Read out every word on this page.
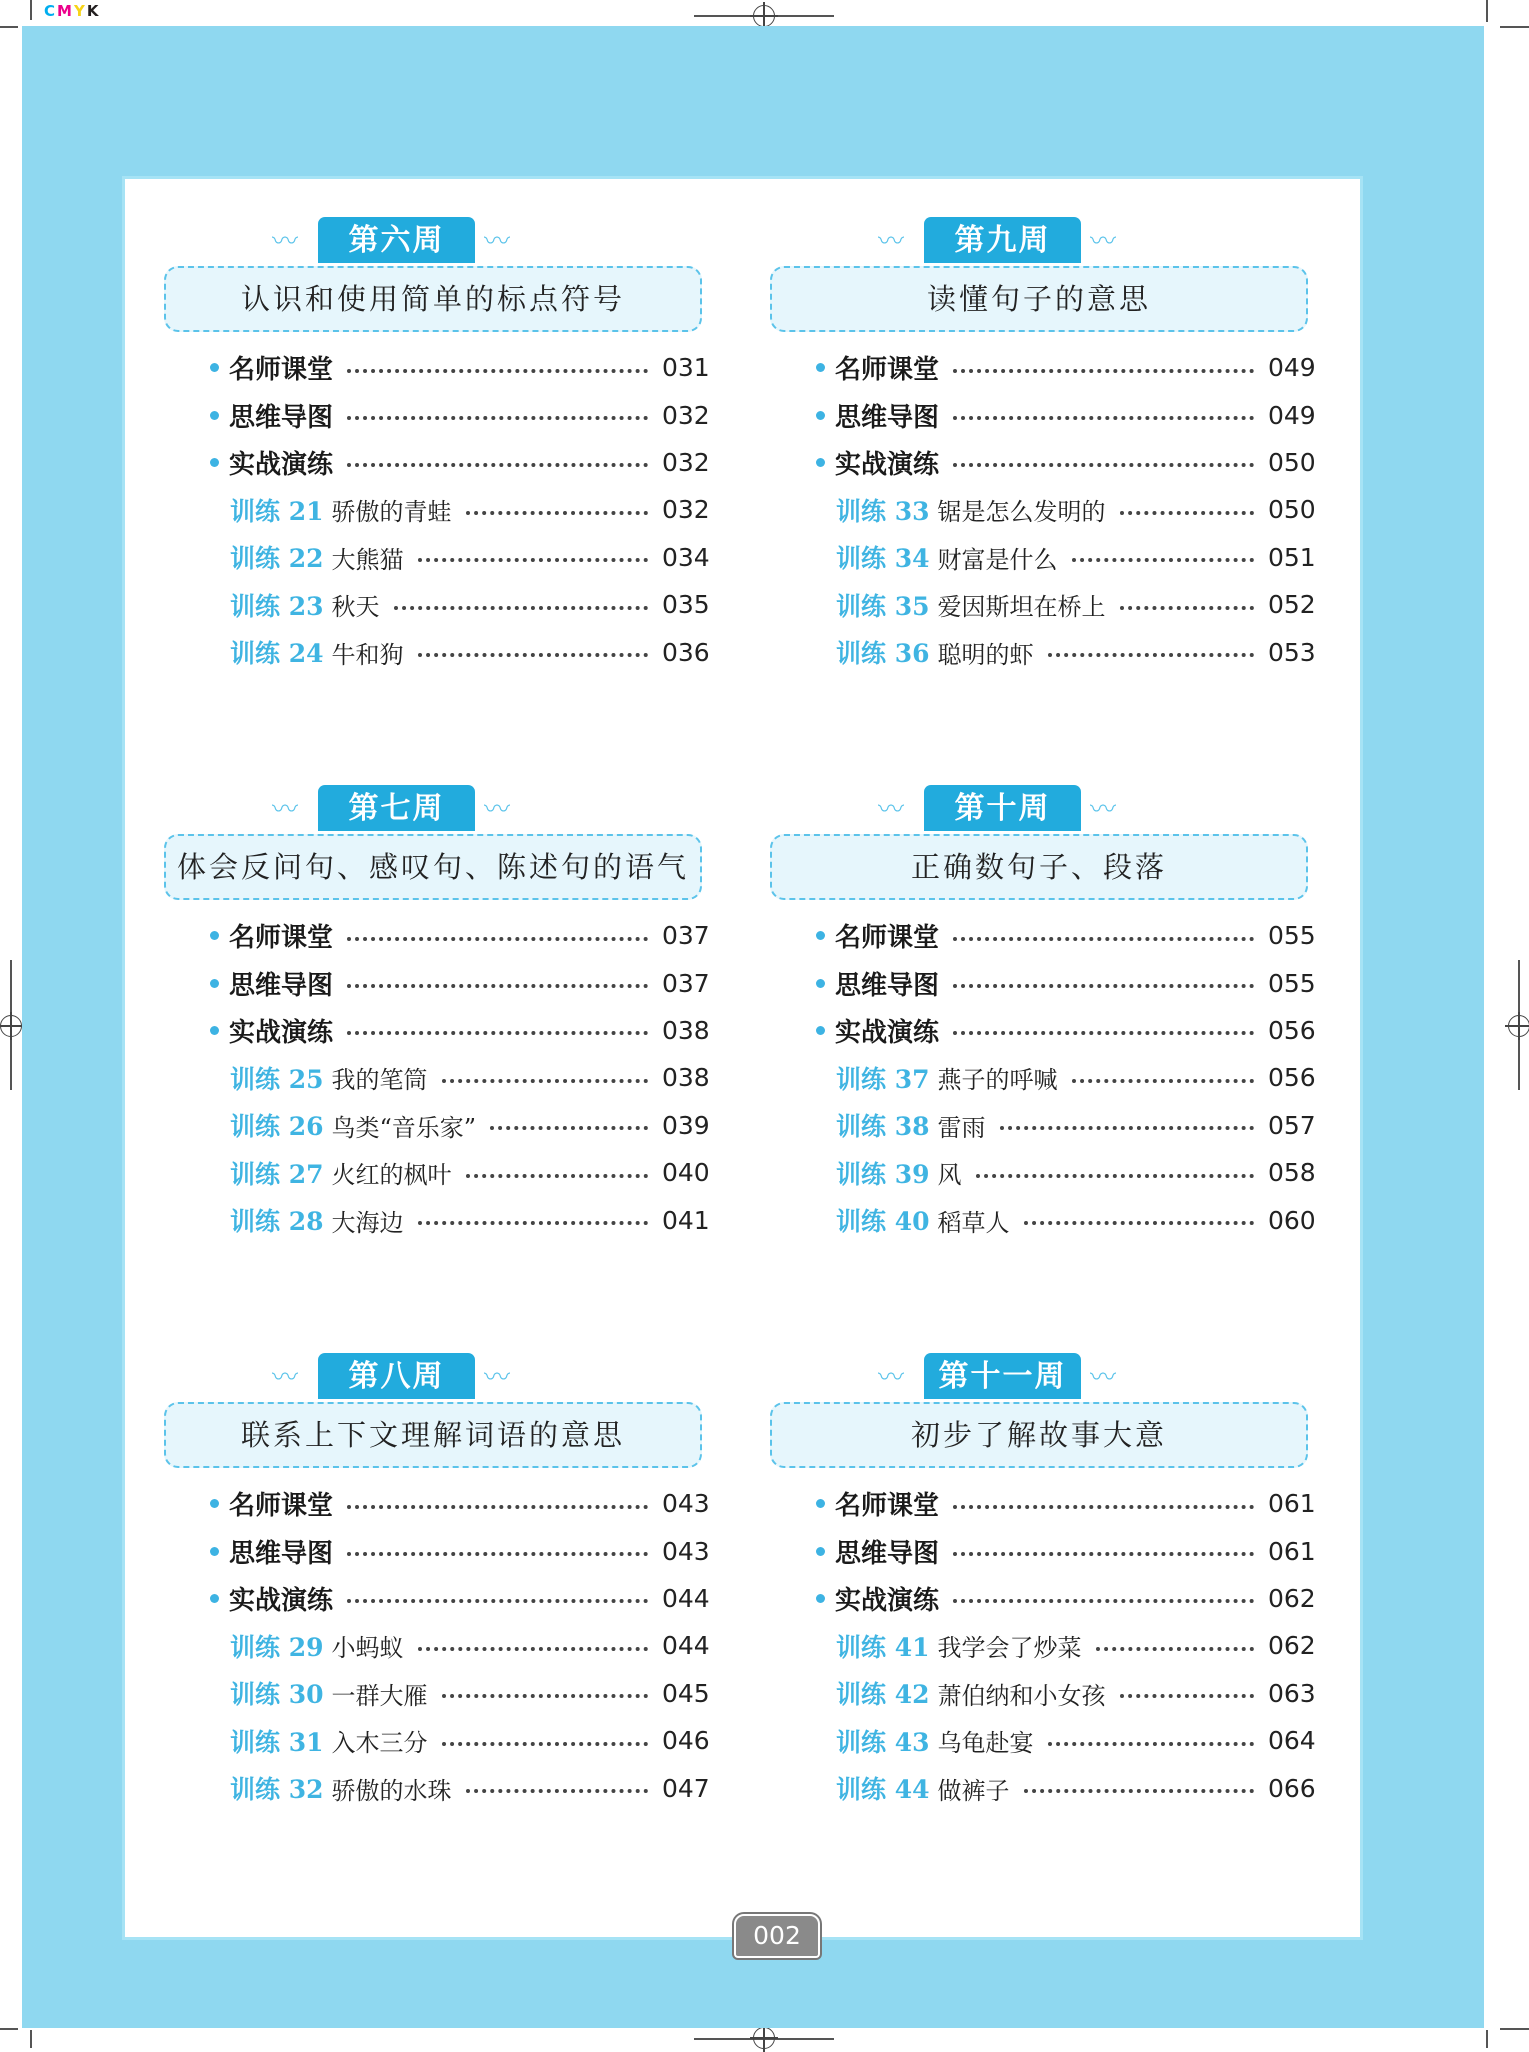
CMYK
〰	〰
第六周
认识和使用简单的标点符号
名师课堂	031
思维导图	032
实战演练	032
训练 21 骄傲的青蛙	032
训练 22 大熊猫	034
训练 23 秋天	035
训练 24 牛和狗	036
〰	〰
第九周
读懂句子的意思
名师课堂	049
思维导图	049
实战演练	050
训练 33 锯是怎么发明的	050
训练 34 财富是什么	051
训练 35 爱因斯坦在桥上	052
训练 36 聪明的虾	053
〰	〰
第七周
体会反问句、感叹句、陈述句的语气
名师课堂	037
思维导图	037
实战演练	038
训练 25 我的笔筒	038
训练 26 鸟类“音乐家”	039
训练 27 火红的枫叶	040
训练 28 大海边	041
〰	〰
第十周
正确数句子、段落
名师课堂	055
思维导图	055
实战演练	056
训练 37 燕子的呼喊	056
训练 38 雷雨	057
训练 39 风	058
训练 40 稻草人	060
〰	〰
第八周
联系上下文理解词语的意思
名师课堂	043
思维导图	043
实战演练	044
训练 29 小蚂蚁	044
训练 30 一群大雁	045
训练 31 入木三分	046
训练 32 骄傲的水珠	047
〰	〰
第十一周
初步了解故事大意
名师课堂	061
思维导图	061
实战演练	062
训练 41 我学会了炒菜	062
训练 42 萧伯纳和小女孩	063
训练 43 乌龟赴宴	064
训练 44 做裤子	066
002
